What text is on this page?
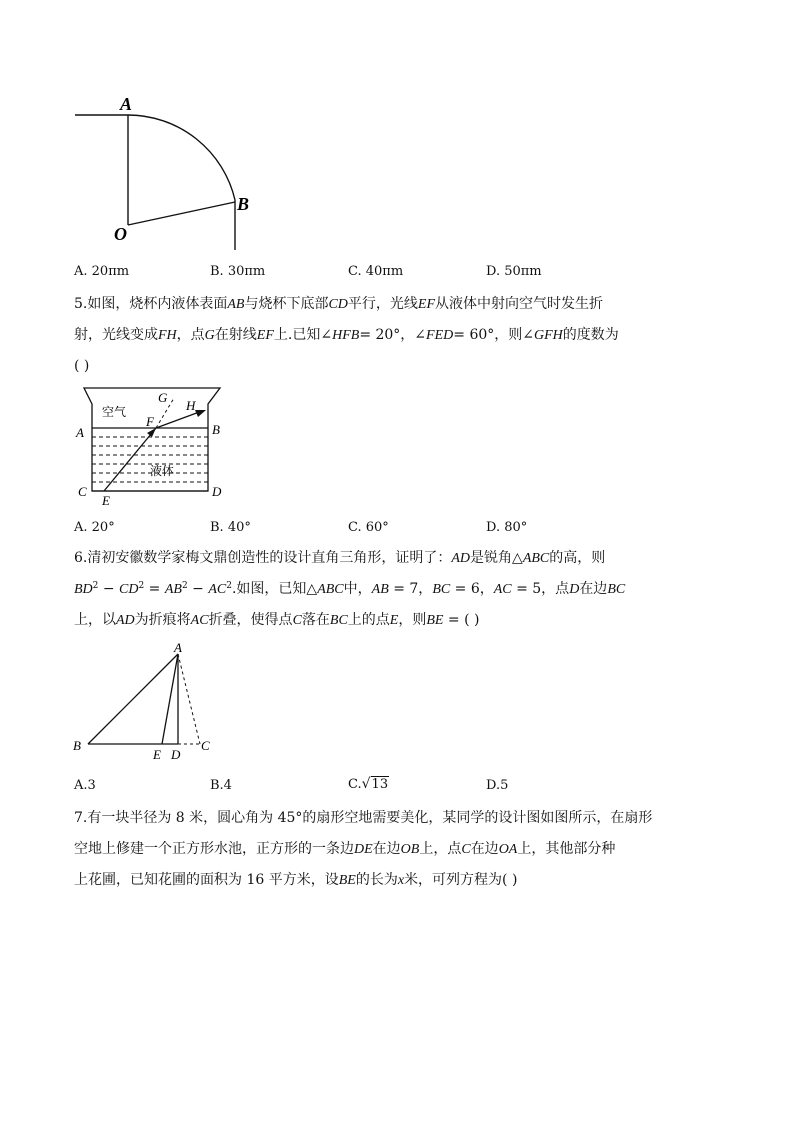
A
B
O
A. 20πm	B. 30πm	C. 40πm	D. 50πm

5.如图，烧杯内液体表面AB与烧杯下底部CD平行，光线EF从液体中射向空气时发生折

射，光线变成FH，点G在射线EF上.已知∠HFB= 20°，∠FED= 60°，则∠GFH的度数为

( )

空气
液体
A	B
C	D
E
F
G
H
A. 20°	B. 40°	C. 60°	D. 80°

6.清初安徽数学家梅文鼎创造性的设计直角三角形，证明了：AD是锐角△ABC的高，则

$BD^2 - CD^2 = AB^2 - AC^2$.如图，已知△ABC中，AB = 7，BC = 6，AC = 5，点D在边BC

上，以AD为折痕将AC折叠，使得点C落在BC上的点E，则BE = ( )

A
B	C
D
E
A.3	B.4	C.√13	D.5

7.有一块半径为 8 米，圆心角为 45°的扇形空地需要美化，某同学的设计图如图所示，在扇形

空地上修建一个正方形水池，正方形的一条边DE在边OB上，点C在边OA上，其他部分种

上花圃，已知花圃的面积为 16 平方米，设BE的长为x米，可列方程为( )
